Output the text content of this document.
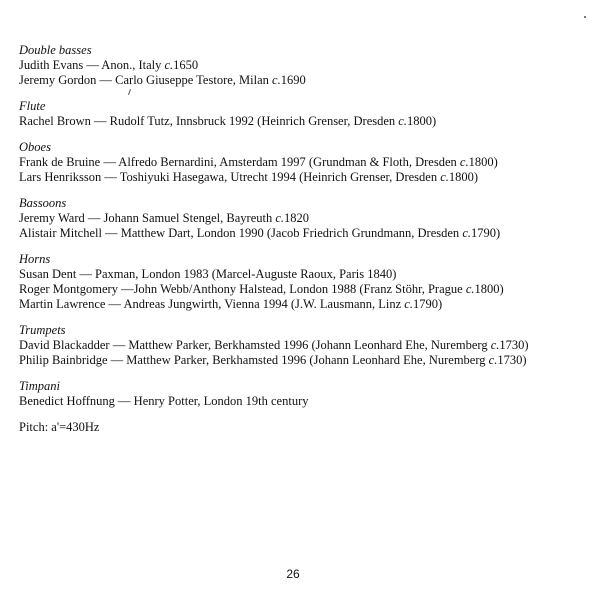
Double basses
Judith Evans — Anon., Italy c.1650
Jeremy Gordon — Carlo Giuseppe Testore, Milan c.1690
Flute
Rachel Brown — Rudolf Tutz, Innsbruck 1992 (Heinrich Grenser, Dresden c.1800)
Oboes
Frank de Bruine — Alfredo Bernardini, Amsterdam 1997 (Grundman & Floth, Dresden c.1800)
Lars Henriksson — Toshiyuki Hasegawa, Utrecht 1994 (Heinrich Grenser, Dresden c.1800)
Bassoons
Jeremy Ward — Johann Samuel Stengel, Bayreuth c.1820
Alistair Mitchell — Matthew Dart, London 1990 (Jacob Friedrich Grundmann, Dresden c.1790)
Horns
Susan Dent — Paxman, London 1983 (Marcel-Auguste Raoux, Paris 1840)
Roger Montgomery —John Webb/Anthony Halstead, London 1988 (Franz Stöhr, Prague c.1800)
Martin Lawrence — Andreas Jungwirth, Vienna 1994 (J.W. Lausmann, Linz c.1790)
Trumpets
David Blackadder — Matthew Parker, Berkhamsted 1996 (Johann Leonhard Ehe, Nuremberg c.1730)
Philip Bainbridge — Matthew Parker, Berkhamsted 1996 (Johann Leonhard Ehe, Nuremberg c.1730)
Timpani
Benedict Hoffnung — Henry Potter, London 19th century
Pitch: a'=430Hz
26
